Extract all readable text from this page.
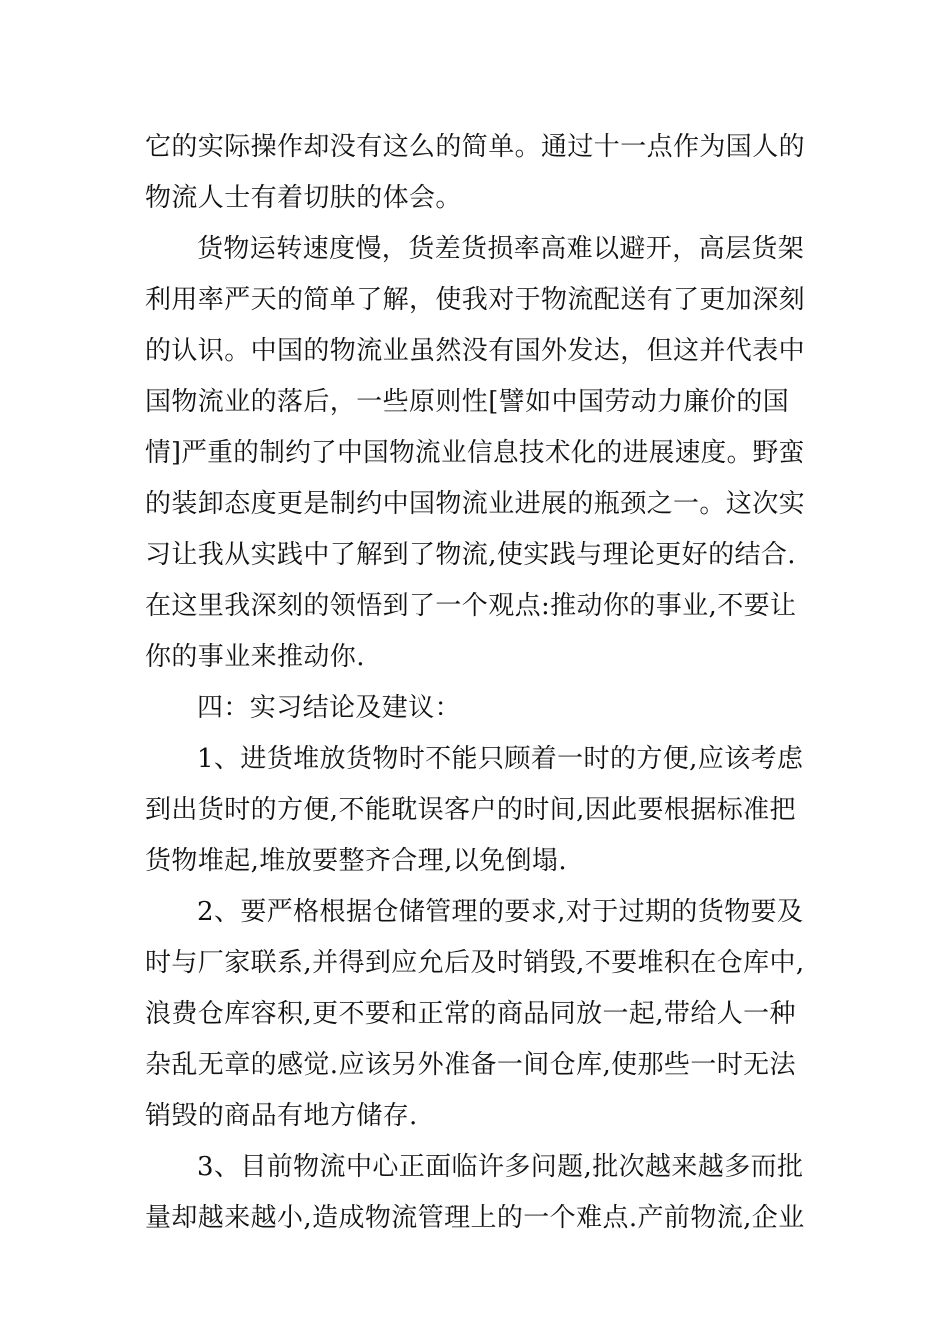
它的实际操作却没有这么的简单。通过十一点作为国人的

物流人士有着切肤的体会。

货物运转速度慢，货差货损率高难以避开，高层货架

利用率严天的简单了解，使我对于物流配送有了更加深刻

的认识。中国的物流业虽然没有国外发达，但这并代表中

国物流业的落后，一些原则性[譬如中国劳动力廉价的国

情]严重的制约了中国物流业信息技术化的进展速度。野蛮

的装卸态度更是制约中国物流业进展的瓶颈之一。这次实

习让我从实践中了解到了物流,使实践与理论更好的结合.

在这里我深刻的领悟到了一个观点:推动你的事业,不要让

你的事业来推动你.

四：实习结论及建议：

1、进货堆放货物时不能只顾着一时的方便,应该考虑

到出货时的方便,不能耽误客户的时间,因此要根据标准把

货物堆起,堆放要整齐合理,以免倒塌.

2、要严格根据仓储管理的要求,对于过期的货物要及

时与厂家联系,并得到应允后及时销毁,不要堆积在仓库中,

浪费仓库容积,更不要和正常的商品同放一起,带给人一种

杂乱无章的感觉.应该另外准备一间仓库,使那些一时无法

销毁的商品有地方储存.

3、目前物流中心正面临许多问题,批次越来越多而批

量却越来越小,造成物流管理上的一个难点.产前物流,企业
